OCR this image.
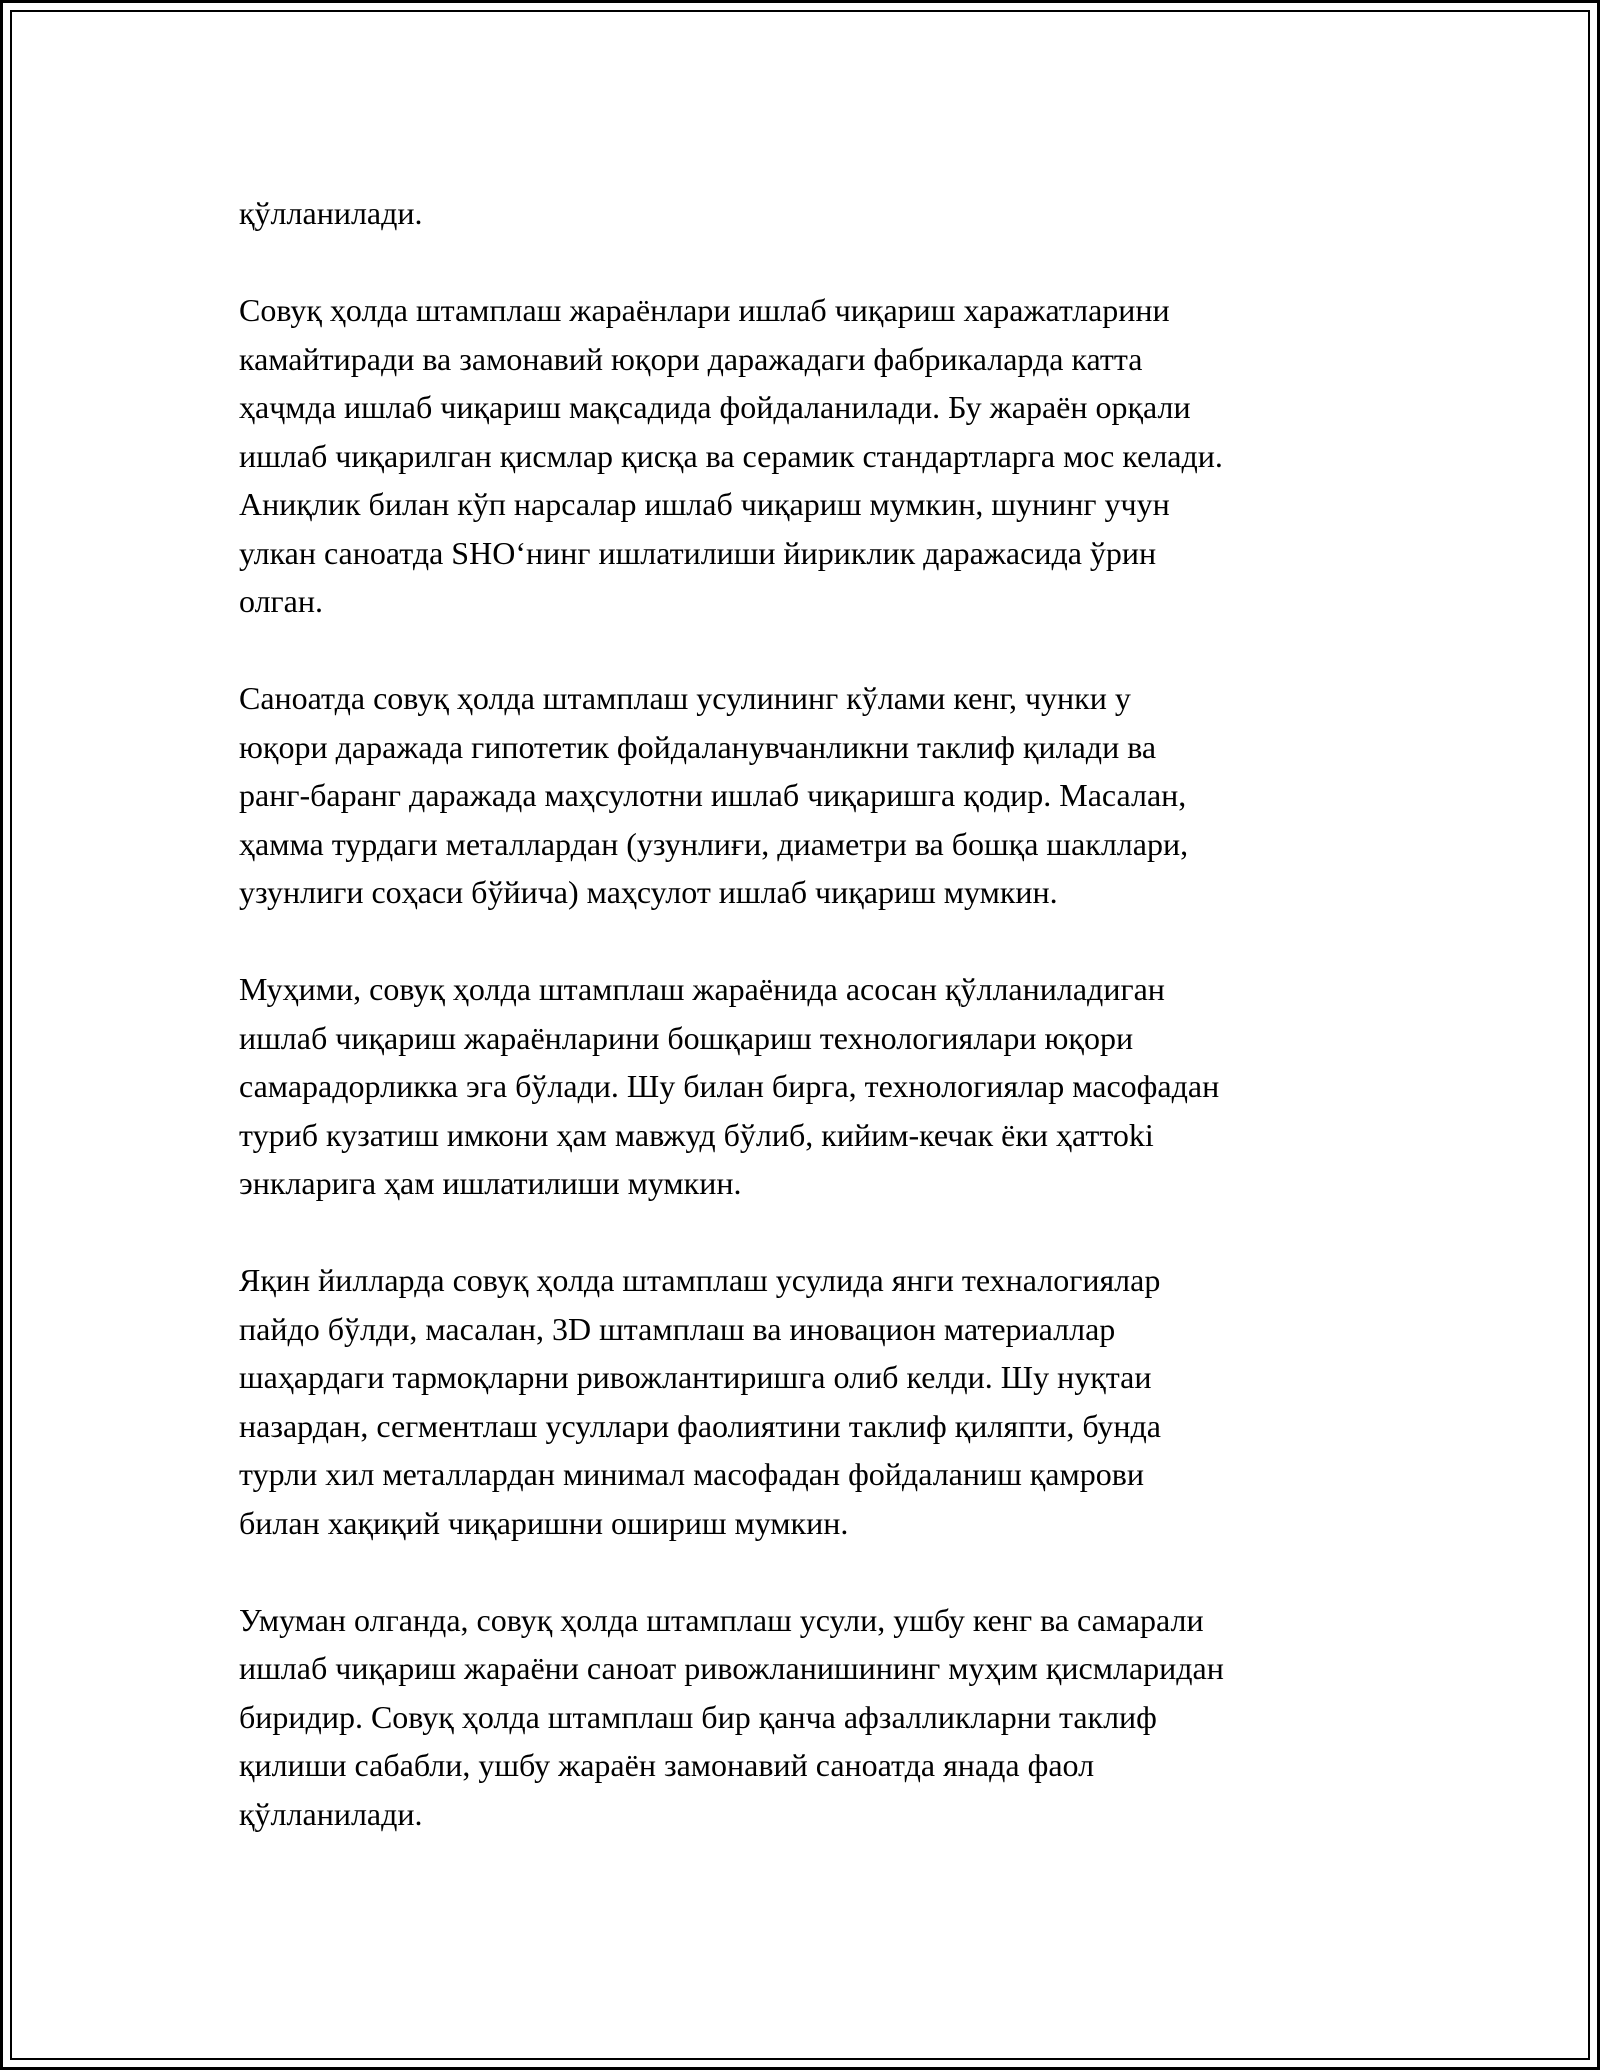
қўлланилади.

Совуқ ҳолда штамплаш жараёнлари ишлаб чиқариш харажатларини
камайтиради ва замонавий юқори даражадаги фабрикаларда катта
ҳаҷмда ишлаб чиқариш мақсадида фойдаланилади. Бу жараён орқали
ишлаб чиқарилган қисмлар қисқа ва серамик стандартларга мос келади.
Аниқлик билан кўп нарсалар ишлаб чиқариш мумкин, шунинг учун
улкан саноатда SHOʻнинг ишлатилиши йириклик даражасида ўрин
олган.

Саноатда совуқ ҳолда штамплаш усулининг кўлами кенг, чунки у
юқори даражада гипотетик фойдаланувчанликни таклиф қилади ва
ранг-баранг даражада маҳсулотни ишлаб чиқаришга қодир. Масалан,
ҳамма турдаги металлардан (узунлиғи, диаметри ва бошқа шакллари,
узунлиги соҳаси бўйича) маҳсулот ишлаб чиқариш мумкин.

Муҳими, совуқ ҳолда штамплаш жараёнида асосан қўлланиладиган
ишлаб чиқариш жараёнларини бошқариш технологиялари юқори
самарадорликка эга бўлади. Шу билан бирга, технологиялар масофадан
туриб кузатиш имкони ҳам мавжуд бўлиб, кийим-кечак ёки ҳаттоki
энкларига ҳам ишлатилиши мумкин.

Яқин йилларда совуқ ҳолда штамплаш усулида янги техналогиялар
пайдо бўлди, масалан, 3D штамплаш ва иновацион материаллар
шаҳардаги тармоқларни ривожлантиришга олиб келди. Шу нуқтаи
назардан, сегментлаш усуллари фаолиятини таклиф қиляпти, бунда
турли хил металлардан минимал масофадан фойдаланиш қамрови
билан хақиқий чиқаришни ошириш мумкин.

Умуман олганда, совуқ ҳолда штамплаш усули, ушбу кенг ва самарали
ишлаб чиқариш жараёни саноат ривожланишининг муҳим қисмларидан
биридир. Совуқ ҳолда штамплаш бир қанча афзалликларни таклиф
қилиши сабабли, ушбу жараён замонавий саноатда янада фаол
қўлланилади.
